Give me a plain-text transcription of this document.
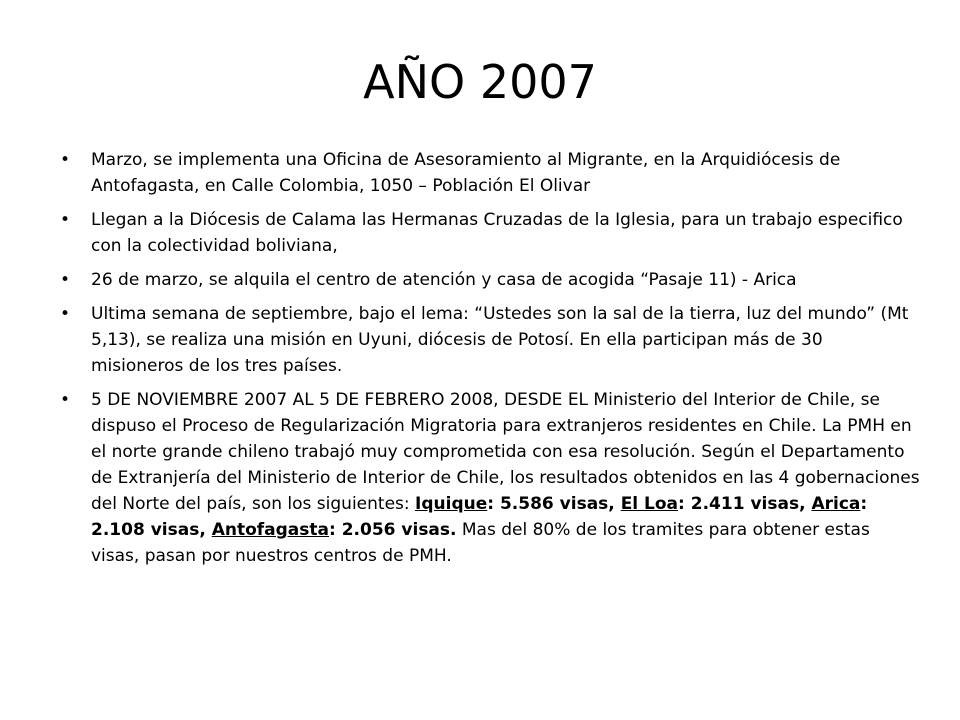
AÑO 2007
• Marzo, se implementa una Oficina de Asesoramiento al Migrante, en la Arquidiócesis de Antofagasta, en Calle Colombia, 1050 – Población El Olivar
• Llegan a la Diócesis de Calama las Hermanas Cruzadas de la Iglesia, para un trabajo especifico con la colectividad boliviana,
• 26 de marzo, se alquila el centro de atención y casa de acogida “Pasaje 11) - Arica
• Ultima semana de septiembre, bajo el lema: “Ustedes son la sal de la tierra, luz del mundo” (Mt 5,13), se realiza una misión en Uyuni, diócesis de Potosí. En ella participan más de 30 misioneros de los tres países.
• 5 DE NOVIEMBRE 2007 AL 5 DE FEBRERO 2008, DESDE EL Ministerio del Interior de Chile, se dispuso el Proceso de Regularización Migratoria para extranjeros residentes en Chile. La PMH en el norte grande chileno trabajó muy comprometida con esa resolución. Según el Departamento de Extranjería del Ministerio de Interior de Chile, los resultados obtenidos en las 4 gobernaciones del Norte del país, son los siguientes: Iquique: 5.586 visas, El Loa: 2.411 visas, Arica: 2.108 visas, Antofagasta: 2.056 visas. Mas del 80% de los tramites para obtener estas visas, pasan por nuestros centros de PMH.
